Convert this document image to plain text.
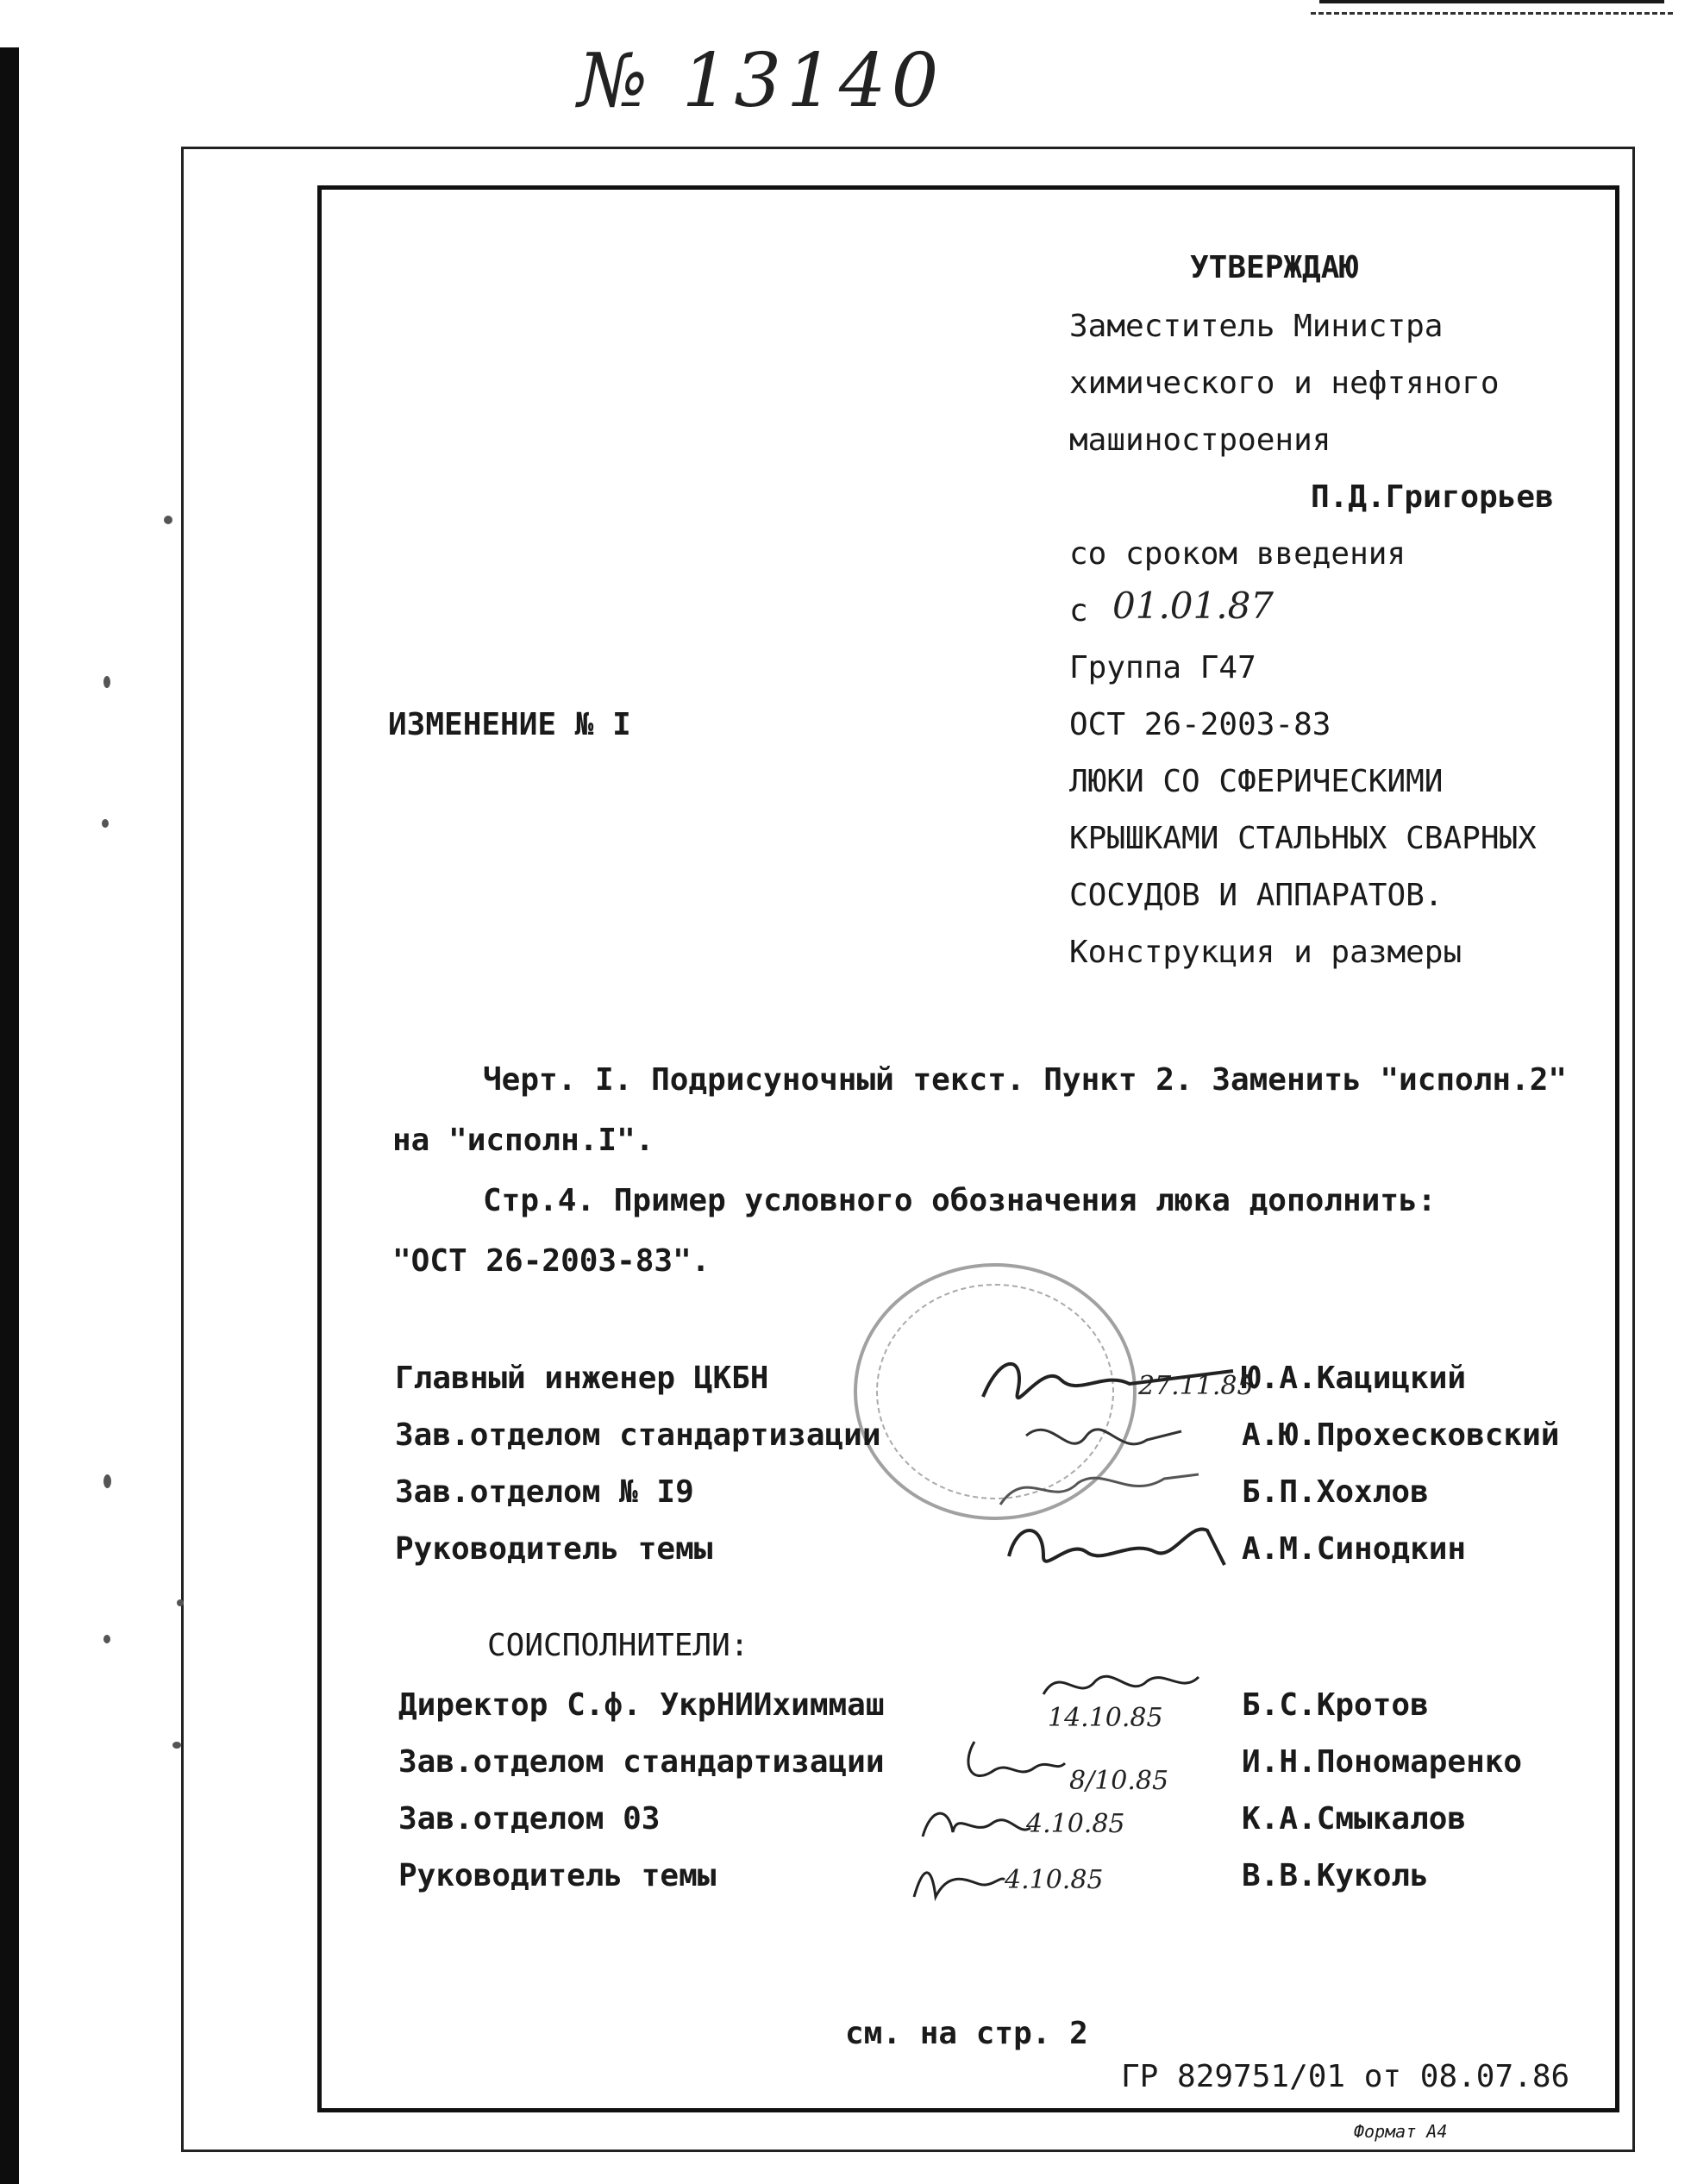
№ 13140
УТВЕРЖДАЮ
Заместитель Министра
химического и нефтяного
машиностроения
П.Д.Григорьев
со сроком введения
с 01.01.87
Группа Г47
ОСТ 26-2003-83
ЛЮКИ СО СФЕРИЧЕСКИМИ
КРЫШКАМИ СТАЛЬНЫХ СВАРНЫХ
СОСУДОВ И АППАРАТОВ.
Конструкция и размеры
ИЗМЕНЕНИЕ № I
Черт. I. Подрисуночный текст. Пункт 2. Заменить "исполн.2"
на "исполн.I".
Стр.4. Пример условного обозначения люка дополнить:
"ОСТ 26-2003-83".
Главный инженер ЦКБН	Ю.А.Кацицкий
Зав.отделом стандартизации	А.Ю.Прохесковский
Зав.отделом № I9	Б.П.Хохлов
Руководитель темы	А.М.Синодкин
27.11.85
СОИСПОЛНИТЕЛИ:
Директор С.ф. УкрНИИхиммаш	Б.С.Кротов
Зав.отделом стандартизации	И.Н.Пономаренко
Зав.отделом 03	К.А.Смыкалов
Руководитель темы	В.В.Куколь
14.10.85
8/10.85
4.10.85
4.10.85
см. на стр. 2
ГР 829751/01 от 08.07.86
Формат А4
